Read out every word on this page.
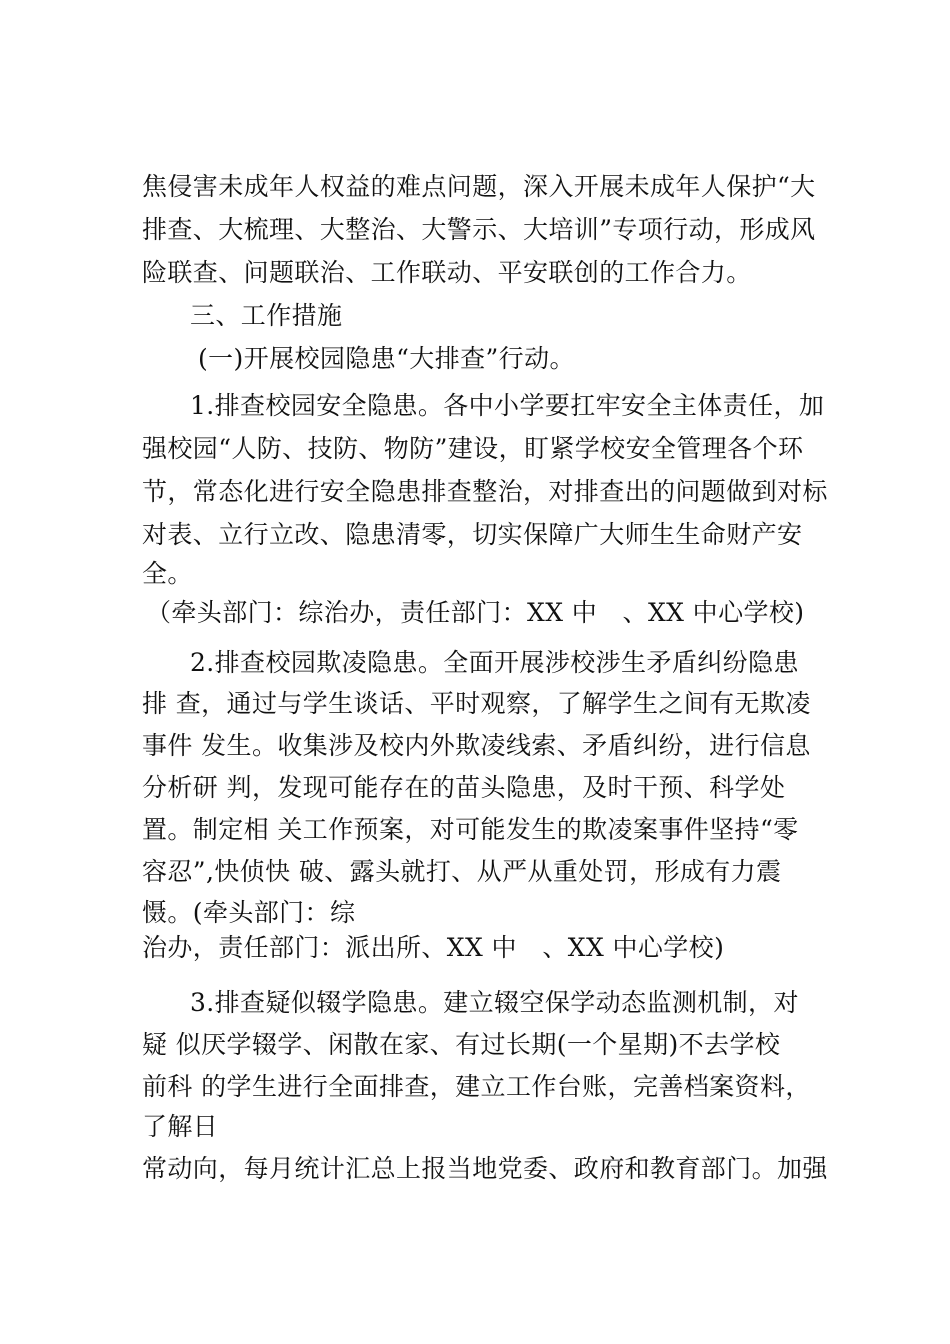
焦侵害未成年人权益的难点问题，深入开展未成年人保护“大
排查、大梳理、大整治、大警示、大培训”专项行动，形成风
险联查、问题联治、工作联动、平安联创的工作合力。
三、工作措施
(一)开展校园隐患“大排查”行动。
1.排查校园安全隐患。各中小学要扛牢安全主体责任，加
强校园“人防、技防、物防”建设，盯紧学校安全管理各个环
节，常态化进行安全隐患排查整治，对排查出的问题做到对标
对表、立行立改、隐患清零，切实保障广大师生生命财产安
全。
（牵头部门：综治办，责任部门：XX 中　、XX 中心学校)
2.排查校园欺凌隐患。全面开展涉校涉生矛盾纠纷隐患
排 查，通过与学生谈话、平时观察，了解学生之间有无欺凌
事件 发生。收集涉及校内外欺凌线索、矛盾纠纷，进行信息
分析研 判，发现可能存在的苗头隐患，及时干预、科学处
置。制定相 关工作预案，对可能发生的欺凌案事件坚持“零
容忍”,快侦快 破、露头就打、从严从重处罚，形成有力震
慑。(牵头部门：综
治办，责任部门：派出所、XX 中　、XX 中心学校)
3.排查疑似辍学隐患。建立辍空保学动态监测机制，对
疑 似厌学辍学、闲散在家、有过长期(一个星期)不去学校
前科 的学生进行全面排查，建立工作台账，完善档案资料，
了解日
常动向，每月统计汇总上报当地党委、政府和教育部门。加强
